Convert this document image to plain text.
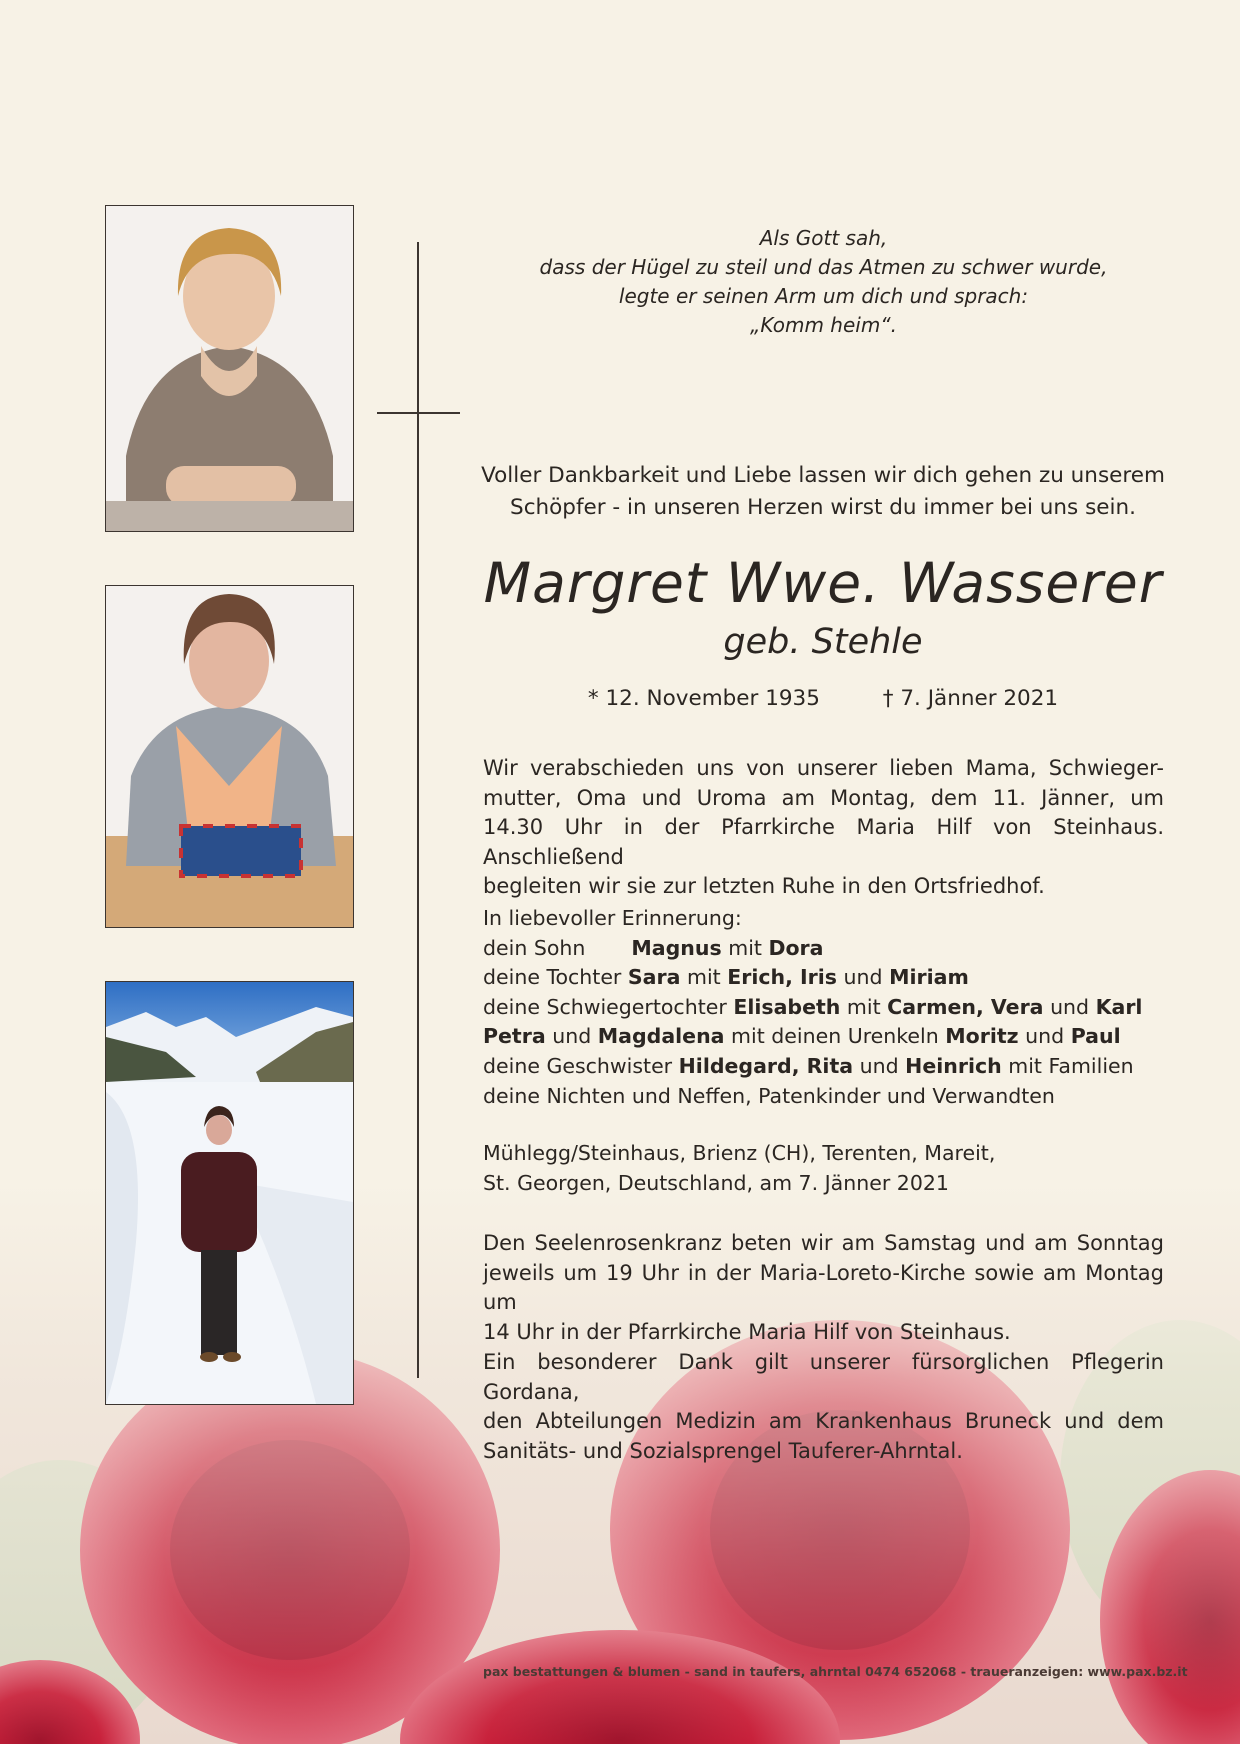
Als Gott sah,
dass der Hügel zu steil und das Atmen zu schwer wurde,
legte er seinen Arm um dich und sprach:
„Komm heim“.
Voller Dankbarkeit und Liebe lassen wir dich gehen zu unserem
Schöpfer - in unseren Herzen wirst du immer bei uns sein.
Margret Wwe. Wasserer
geb. Stehle
* 12. November 1935	† 7. Jänner 2021
Wir verabschieden uns von unserer lieben Mama, Schwieger-
mutter, Oma und Uroma am Montag, dem 11. Jänner, um
14.30 Uhr in der Pfarrkirche Maria Hilf von Steinhaus. Anschließend
begleiten wir sie zur letzten Ruhe in den Ortsfriedhof.
In liebevoller Erinnerung:
dein Sohn Magnus mit Dora
deine Tochter Sara mit Erich, Iris und Miriam
deine Schwiegertochter Elisabeth mit Carmen, Vera und Karl
Petra und Magdalena mit deinen Urenkeln Moritz und Paul
deine Geschwister Hildegard, Rita und Heinrich mit Familien
deine Nichten und Neffen, Patenkinder und Verwandten
Mühlegg/Steinhaus, Brienz (CH), Terenten, Mareit,
St. Georgen, Deutschland, am 7. Jänner 2021
Den Seelenrosenkranz beten wir am Samstag und am Sonntag
jeweils um 19 Uhr in der Maria-Loreto-Kirche sowie am Montag um
14 Uhr in der Pfarrkirche Maria Hilf von Steinhaus.
Ein besonderer Dank gilt unserer fürsorglichen Pflegerin Gordana,
den Abteilungen Medizin am Krankenhaus Bruneck und dem
Sanitäts- und Sozialsprengel Tauferer-Ahrntal.
pax bestattungen & blumen - sand in taufers, ahrntal 0474 652068 - traueranzeigen: www.pax.bz.it
